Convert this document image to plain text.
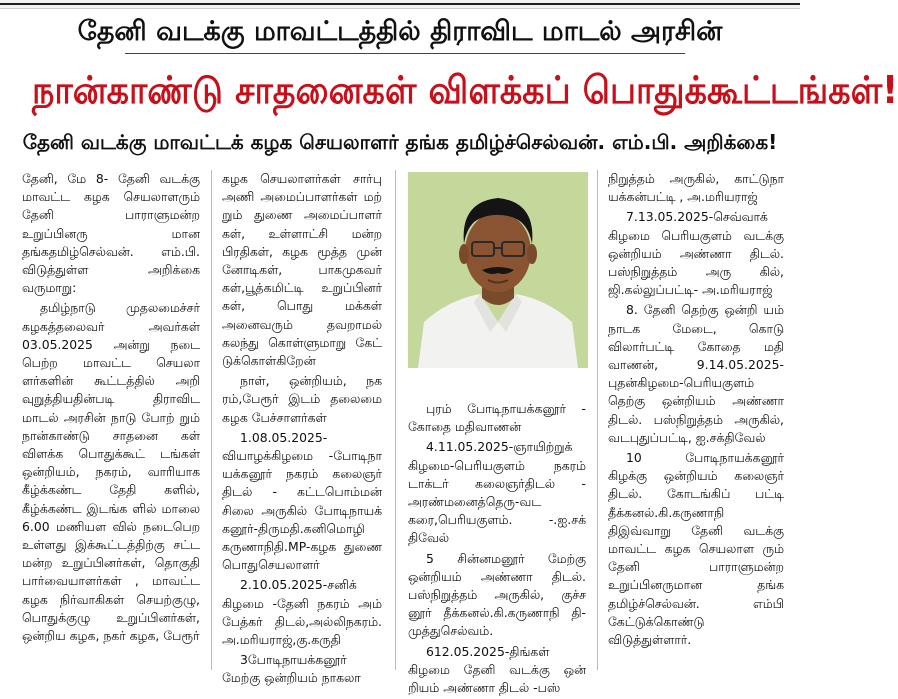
தேனி வடக்கு மாவட்டத்தில் திராவிட மாடல் அரசின்
நான்காண்டு சாதனைகள் விளக்கப் பொதுக்கூட்டங்கள்!
தேனி வடக்கு மாவட்டக் கழக செயலாளர் தங்க தமிழ்ச்செல்வன். எம்.பி. அறிக்கை!

தேனி, மே 8- தேனி வடக்கு மாவட்ட கழக செயலாளரும் தேனி பாராளுமன்ற உறுப்பினரு மான தங்கதமிழ்செல்வன். எம்.பி. விடுத்துள்ள அறிக்கை வருமாறு:

தமிழ்நாடு முதலமைச்சர் கழகத்தலைவர் அவர்கள் 03.05.2025 அன்று நடை பெற்ற மாவட்ட செயலா ளர்களின் கூட்டத்தில் அறி வுறுத்தியதின்படி திராவிட மாடல் அரசின் நாடு போற் றும் நான்காண்டு சாதனை கள் விளக்க பொதுக்கூட் டங்கள் ஒன்றியம், நகரம், வாரியாக கீழ்க்கண்ட தேதி களில், கீழ்க்கண்ட இடங்க ளில் மாலை 6.00 மணியள வில் நடைபெற உள்ளது இக்கூட்டத்திற்கு சட்ட மன்ற உறுப்பினர்கள், தொகுதி பார்வையாளர்கள் , மாவட்ட கழக நிர்வாகிகள் செயற்குழு, பொதுக்குழு உறுப்பினர்கள், ஒன்றிய கழக, நகர் கழக, பேரூர்

கழக செயலாளர்கள் சார்பு அணி அமைப்பாளர்கள் மற் றும் துணை அமைப்பாளர் கள், உள்ளாட்சி மன்ற பிரதிகள், கழக மூத்த முன் னோடிகள், பாகமுகவர் கள்,பூத்கமிட்டி உறுப்பினர் கள், பொது மக்கள் அனைவரும் தவறாமல் கலந்து கொள்ளுமாறு கேட் டுக்கொள்கிறேன்

நாள், ஒன்றியம், நக ரம்,பேரூர் இடம் தலைமை கழக பேச்சாளர்கள்

1.08.05.2025- வியாழக்கிழமை -போடிநா யக்கனூர் நகரம் கலைஞர் திடல் - கட்டபொம்மன் சிலை அருகில் போடிநாயக் கனூர்-திருமதி.கனிமொழி கருணாநிதி.MP-கழக துணை பொதுசெயலாளர்

2.10.05.2025-சனிக் கிழமை -தேனி நகரம் அம் பேத்கர் திடல்,அல்லிநகரம். அ.மரியராஜ்,கு.கருதி

3போடிநாயக்கனூர் மேற்கு ஒன்றியம் நாகலா

புரம் போடிநாயக்கனூர் - கோதை மதிவாணன்

4.11.05.2025-ஞாயிற்றுக் கிழமை-பெரியகுளம் நகரம் டாக்டர் கலைஞர்திடல் - அரண்மனைத்தெரு-வட கரை,பெரியகுளம். -.ஐ.சக் திவேல்

5 சின்னமனூர் மேற்கு ஒன்றியம் அண்ணா திடல். பஸ்நிறுத்தம் அருகில், குச்ச னூர் தீக்கனல்.கி.கருணாநி தி-முத்துசெல்வம்.

612.05.2025-திங்கள் கிழமை தேனி வடக்கு ஒன் றியம் அண்ணா திடல் -பஸ்

நிறுத்தம் அருகில், காட்டுநா யக்கன்பட்டி , அ.மரியராஜ்

7.13.05.2025-செவ்வாக் கிழமை பெரியகுளம் வடக்கு ஒன்றியம் அண்ணா திடல். பஸ்நிறுத்தம் அரு கில், ஜி.கல்லுப்பட்டி- அ.மரியராஜ்

8. தேனி தெற்கு ஒன்றி யம் நாடக மேடை, கொடு விலார்பட்டி கோதை மதி வாணன், 9.14.05.2025- புதன்கிழமை-பெரியகுளம் தெற்கு ஒன்றியம் அண்ணா திடல். பஸ்நிறுத்தம் அருகில், வடபுதுப்பட்டி, ஐ.சக்திவேல்

10 போடிநாயக்கனூர் கிழக்கு ஒன்றியம் கலைஞர் திடல். கோடங்கிப் பட்டி தீக்கனல்.கி.கருணாநி திஇவ்வாறு தேனி வடக்கு மாவட்ட கழக செயலாள ரும் தேனி பாராளுமன்ற உறுப்பினருமான தங்க தமிழ்ச்செல்வன். எம்பி கேட்டுக்கொண்டு விடுத்துள்ளார்.
